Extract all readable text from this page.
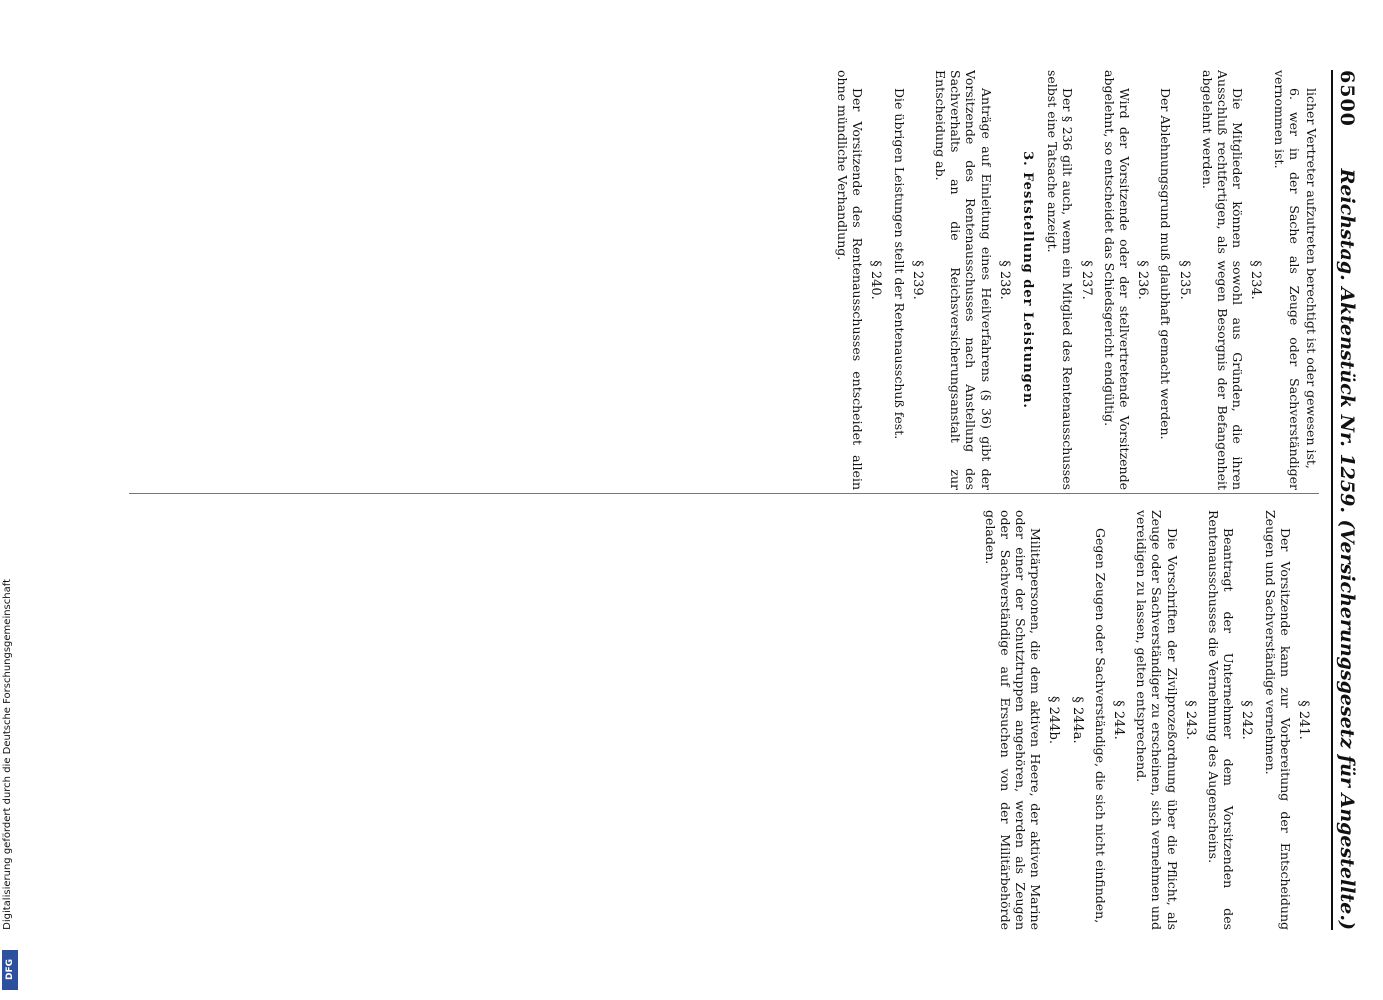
Digitalisierung gefördert durch die Deutsche Forschungsgemeinschaft
DFG
6500
Reichstag. Aktenstück Nr. 1259. (Versicherungsgesetz für Angestellte.)

licher Vertreter aufzutreten berechtigt ist oder gewesen ist,

6. wer in der Sache als Zeuge oder Sachverständiger vernommen ist.

§ 234.

Die Mitglieder können sowohl aus Gründen, die ihren Ausschluß rechtfertigen, als wegen Besorgnis der Befangenheit abgelehnt werden.

§ 235.

Der Ablehnungsgrund muß glaubhaft gemacht werden.

§ 236.

Wird der Vorsitzende oder der stellvertretende Vorsitzende abgelehnt, so entscheidet das Schiedsgericht endgültig.

§ 237.

Der § 236 gilt auch, wenn ein Mitglied des Rentenausschusses selbst eine Tatsache anzeigt.

3. Feststellung der Leistungen.

§ 238.

Anträge auf Einleitung eines Heilverfahrens (§ 36) gibt der Vorsitzende des Rentenausschusses nach Anstellung des Sachverhalts an die Reichsversicherungsanstalt zur Entscheidung ab.

§ 239.

Die übrigen Leistungen stellt der Rentenausschuß fest.

§ 240.

Der Vorsitzende des Rentenausschusses entscheidet allein ohne mündliche Verhandlung.

§ 241.

Der Vorsitzende kann zur Vorbereitung der Entscheidung Zeugen und Sachverständige vernehmen.

§ 242.

Beantragt der Unternehmer dem Vorsitzenden des Rentenausschusses die Vernehmung des Augenscheins.

§ 243.

Die Vorschriften der Zivilprozeßordnung über die Pflicht, als Zeuge oder Sachverständiger zu erscheinen, sich vernehmen und vereidigen zu lassen, gelten entsprechend.

§ 244.

Gegen Zeugen oder Sachverständige, die sich nicht einfinden,

§ 244a.

§ 244b.

Militärpersonen, die dem aktiven Heere, der aktiven Marine oder einer der Schutztruppen angehören, werden als Zeugen oder Sachverständige auf Ersuchen von der Militärbehörde geladen.
